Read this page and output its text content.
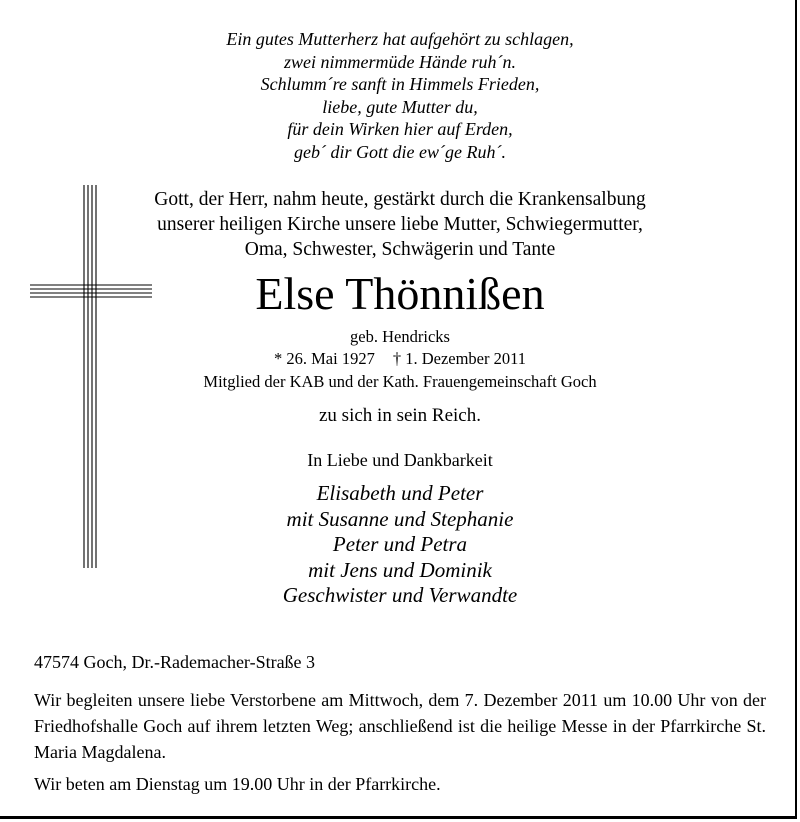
Ein gutes Mutterherz hat aufgehört zu schlagen,
zwei nimmermüde Hände ruh´n.
Schlumm´re sanft in Himmels Frieden,
liebe, gute Mutter du,
für dein Wirken hier auf Erden,
geb´ dir Gott die ew´ge Ruh´.
Gott, der Herr, nahm heute, gestärkt durch die Krankensalbung
unserer heiligen Kirche unsere liebe Mutter, Schwiegermutter,
Oma, Schwester, Schwägerin und Tante
Else Thönnißen
geb. Hendricks
* 26. Mai 1927 † 1. Dezember 2011
Mitglied der KAB und der Kath. Frauengemeinschaft Goch
zu sich in sein Reich.
In Liebe und Dankbarkeit
Elisabeth und Peter
mit Susanne und Stephanie
Peter und Petra
mit Jens und Dominik
Geschwister und Verwandte
47574 Goch, Dr.-Rademacher-Straße 3
Wir begleiten unsere liebe Verstorbene am Mittwoch, dem 7. Dezember 2011 um 10.00 Uhr von der Friedhofshalle Goch auf ihrem letzten Weg; anschließend ist die heilige Messe in der Pfarrkirche St. Maria Magdalena.
Wir beten am Dienstag um 19.00 Uhr in der Pfarrkirche.
